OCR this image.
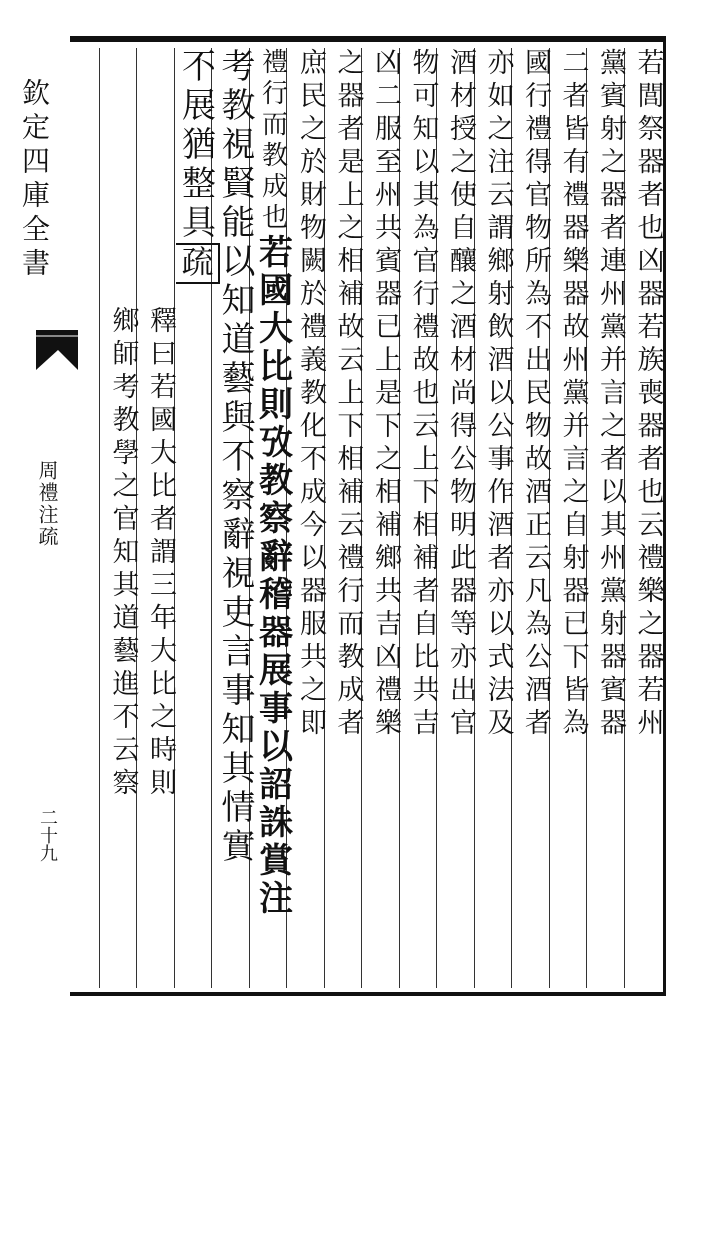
欽定四庫全書
周禮注疏
二十九
若閭祭器者也凶器若族喪器者也云禮樂之器若州
黨賓射之器者連州黨并言之者以其州黨射器賓器
二者皆有禮器樂器故州黨并言之自射器已下皆為
國行禮得官物所為不出民物故酒正云凡為公酒者
亦如之注云謂鄉射飲酒以公事作酒者亦以式法及
酒材授之使自釀之酒材尚得公物明此器等亦出官
物可知以其為官行禮故也云上下相補者自比共吉
凶二服至州共賓器已上是下之相補鄉共吉凶禮樂
之器者是上之相補故云上下相補云禮行而教成者
庶民之於財物闕於禮義教化不成今以器服共之即
禮行而教成也若國大比則攷教察辭稽器展事以詔誅賞注
考教視賢能以知道藝與不察辭視吏言事知其情實
不展猶整具疏
釋曰若國大比者謂三年大比之時則
鄉師考教學之官知其道藝進不云察
